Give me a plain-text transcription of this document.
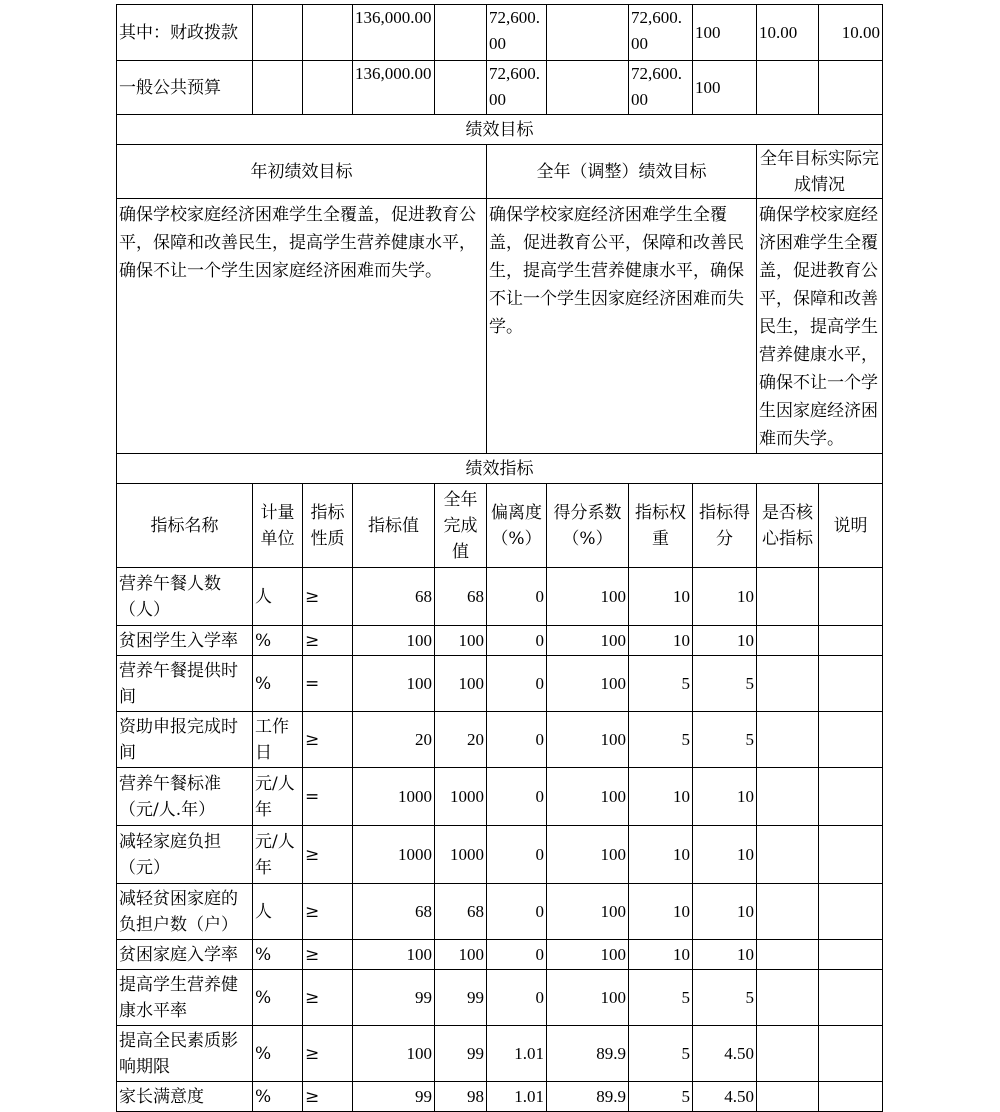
其中：财政拨款			136,000.00		72,600.00		72,600.00	100	10.00	10.00
一般公共预算			136,000.00		72,600.00		72,600.00	100		
绩效目标										
年初绩效目标					全年（调整）绩效目标				全年目标实际完成情况	
确保学校家庭经济困难学生全覆盖，促进教育公平，保障和改善民生，提高学生营养健康水平，确保不让一个学生因家庭经济困难而失学。					确保学校家庭经济困难学生全覆盖，促进教育公平，保障和改善民生，提高学生营养健康水平，确保不让一个学生因家庭经济困难而失学。				确保学校家庭经济困难学生全覆盖，促进教育公平，保障和改善民生，提高学生营养健康水平，确保不让一个学生因家庭经济困难而失学。	
绩效指标										
指标名称	计量单位	指标性质	指标值	全年完成值	偏离度（%）	得分系数（%）	指标权重	指标得分	是否核心指标	说明
营养午餐人数（人）	人	≥	68	68	0	100	10	10		
贫困学生入学率	%	≥	100	100	0	100	10	10		
营养午餐提供时间	%	=	100	100	0	100	5	5		
资助申报完成时间	工作日	≥	20	20	0	100	5	5		
营养午餐标准（元/人.年）	元/人年	=	1000	1000	0	100	10	10		
减轻家庭负担（元）	元/人年	≥	1000	1000	0	100	10	10		
减轻贫困家庭的负担户数（户）	人	≥	68	68	0	100	10	10		
贫困家庭入学率	%	≥	100	100	0	100	10	10		
提高学生营养健康水平率	%	≥	99	99	0	100	5	5		
提高全民素质影响期限	%	≥	100	99	1.01	89.9	5	4.50		
家长满意度	%	≥	99	98	1.01	89.9	5	4.50		
